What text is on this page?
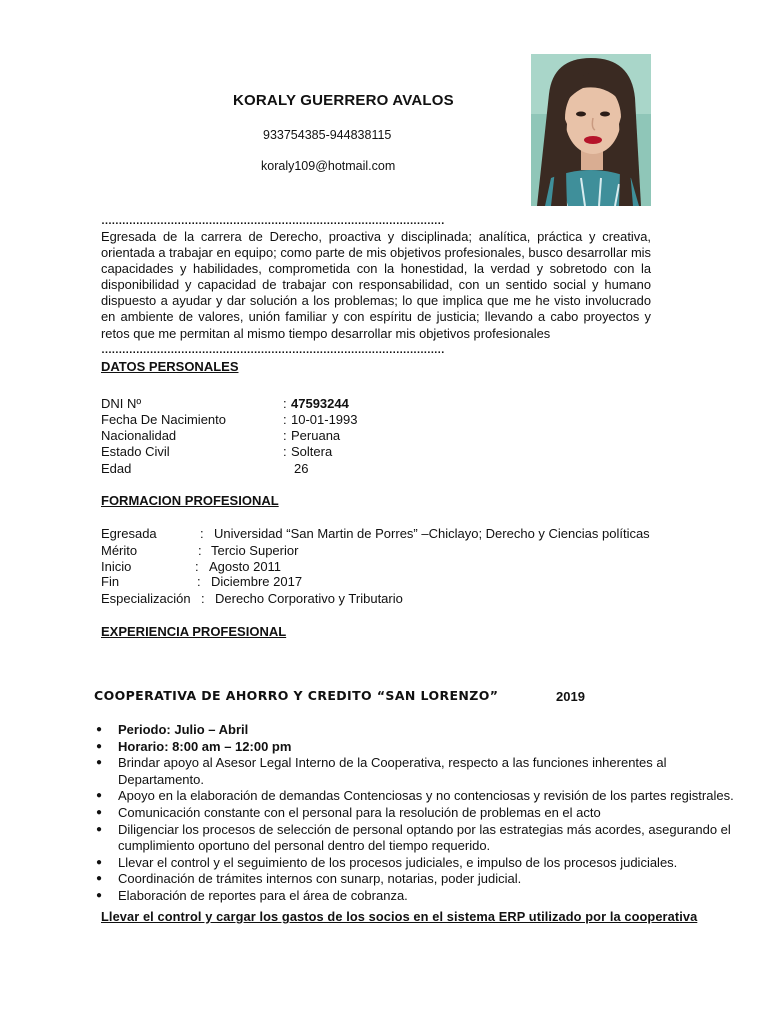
KORALY GUERRERO AVALOS
933754385-944838115
koraly109@hotmail.com
………………………………………………………………………………………
Egresada de la carrera de Derecho, proactiva y disciplinada; analítica, práctica y creativa, orientada a trabajar en equipo; como parte de mis objetivos profesionales, busco desarrollar mis capacidades y habilidades, comprometida con la honestidad, la verdad y sobretodo con la disponibilidad y capacidad de trabajar con responsabilidad, con un sentido social y humano dispuesto a ayudar y dar solución a los problemas; lo que implica que me he visto involucrado en ambiente de valores, unión familiar y con espíritu de justicia; llevando a cabo proyectos y retos que me permitan al mismo tiempo desarrollar mis objetivos profesionales
………………………………………………………………………………………
DATOS PERSONALES
DNI Nº	: 47593244
Fecha De Nacimiento	: 10-01-1993
Nacionalidad	: Peruana
Estado Civil	: Soltera
Edad	26
FORMACION PROFESIONAL
Egresada	: Universidad “San Martin de Porres” –Chiclayo; Derecho y Ciencias políticas
Mérito	: Tercio Superior
Inicio	: Agosto 2011
Fin	: Diciembre 2017
Especialización : Derecho Corporativo y Tributario
EXPERIENCIA PROFESIONAL
COOPERATIVA DE AHORRO Y CREDITO “SAN LORENZO”	2019
● Periodo: Julio – Abril
● Horario: 8:00 am – 12:00 pm
● Brindar apoyo al Asesor Legal Interno de la Cooperativa, respecto a las funciones inherentes al Departamento.
● Apoyo en la elaboración de demandas Contenciosas y no contenciosas y revisión de los partes registrales.
● Comunicación constante con el personal para la resolución de problemas en el acto
● Diligenciar los procesos de selección de personal optando por las estrategias más acordes, asegurando el cumplimiento oportuno del personal dentro del tiempo requerido.
● Llevar el control y el seguimiento de los procesos judiciales, e impulso de los procesos judiciales.
● Coordinación de trámites internos con sunarp, notarias, poder judicial.
● Elaboración de reportes para el área de cobranza.
Llevar el control y cargar los gastos de los socios en el sistema ERP utilizado por la cooperativa
